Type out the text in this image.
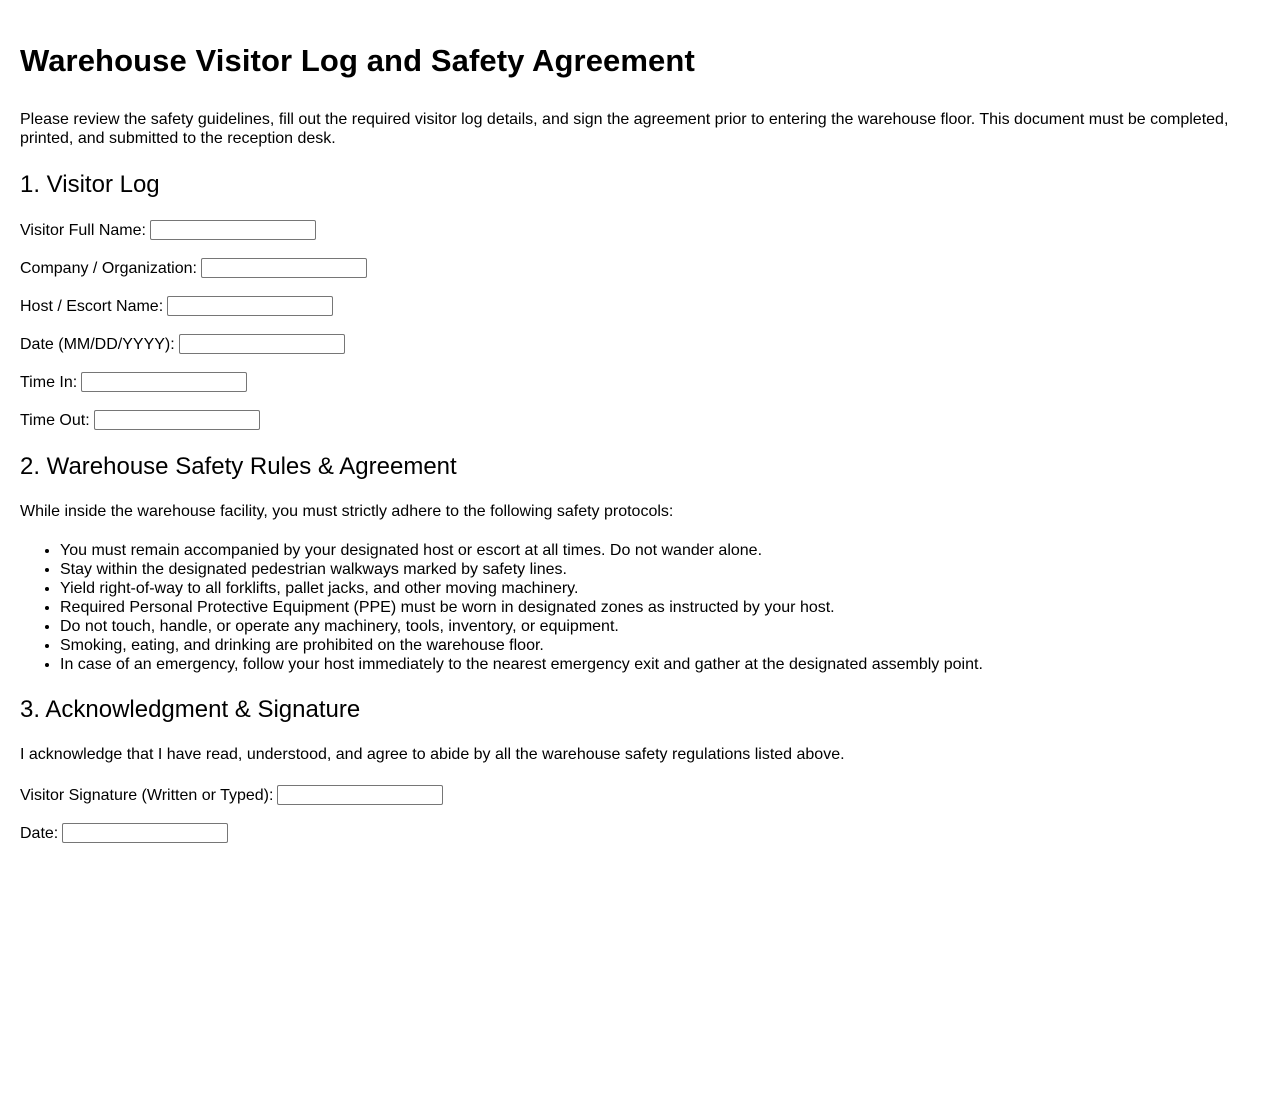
Warehouse Visitor Log and Safety Agreement

Please review the safety guidelines, fill out the required visitor log details, and sign the agreement prior to entering the warehouse floor. This document must be completed, printed, and submitted to the reception desk.

1. Visitor Log
Visitor Full Name:
Company / Organization:
Host / Escort Name:
Date (MM/DD/YYYY):
Time In:
Time Out:
2. Warehouse Safety Rules & Agreement

While inside the warehouse facility, you must strictly adhere to the following safety protocols:

• You must remain accompanied by your designated host or escort at all times. Do not wander alone.
• Stay within the designated pedestrian walkways marked by safety lines.
• Yield right-of-way to all forklifts, pallet jacks, and other moving machinery.
• Required Personal Protective Equipment (PPE) must be worn in designated zones as instructed by your host.
• Do not touch, handle, or operate any machinery, tools, inventory, or equipment.
• Smoking, eating, and drinking are prohibited on the warehouse floor.
• In case of an emergency, follow your host immediately to the nearest emergency exit and gather at the designated assembly point.
3. Acknowledgment & Signature

I acknowledge that I have read, understood, and agree to abide by all the warehouse safety regulations listed above.

Visitor Signature (Written or Typed):
Date:
